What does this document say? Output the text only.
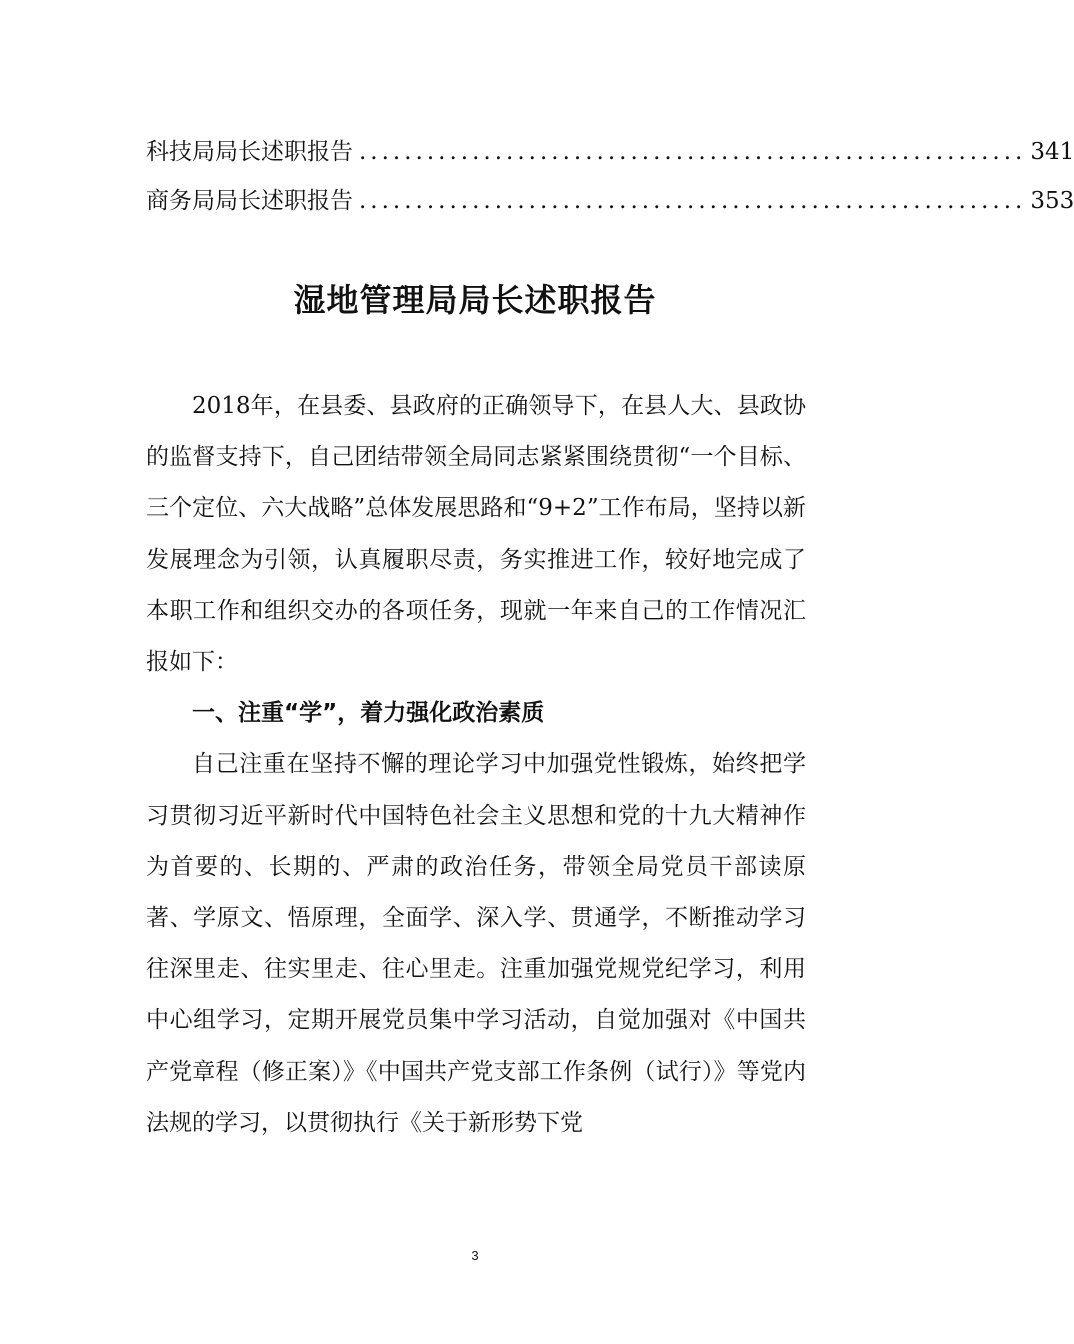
科技局局长述职报告 ........................................................... 341
商务局局长述职报告 ........................................................... 353
湿地管理局局长述职报告

2018年，在县委、县政府的正确领导下，在县人大、县政协的监督支持下，自己团结带领全局同志紧紧围绕贯彻“一个目标、三个定位、六大战略”总体发展思路和“9+2”工作布局，坚持以新发展理念为引领，认真履职尽责，务实推进工作，较好地完成了本职工作和组织交办的各项任务，现就一年来自己的工作情况汇报如下：

一、注重“学”，着力强化政治素质

自己注重在坚持不懈的理论学习中加强党性锻炼，始终把学习贯彻习近平新时代中国特色社会主义思想和党的十九大精神作为首要的、长期的、严肃的政治任务，带领全局党员干部读原著、学原文、悟原理，全面学、深入学、贯通学，不断推动学习往深里走、往实里走、往心里走。注重加强党规党纪学习，利用中心组学习，定期开展党员集中学习活动，自觉加强对《中国共产党章程（修正案）》《中国共产党支部工作条例（试行）》等党内法规的学习，以贯彻执行《关于新形势下党

3
